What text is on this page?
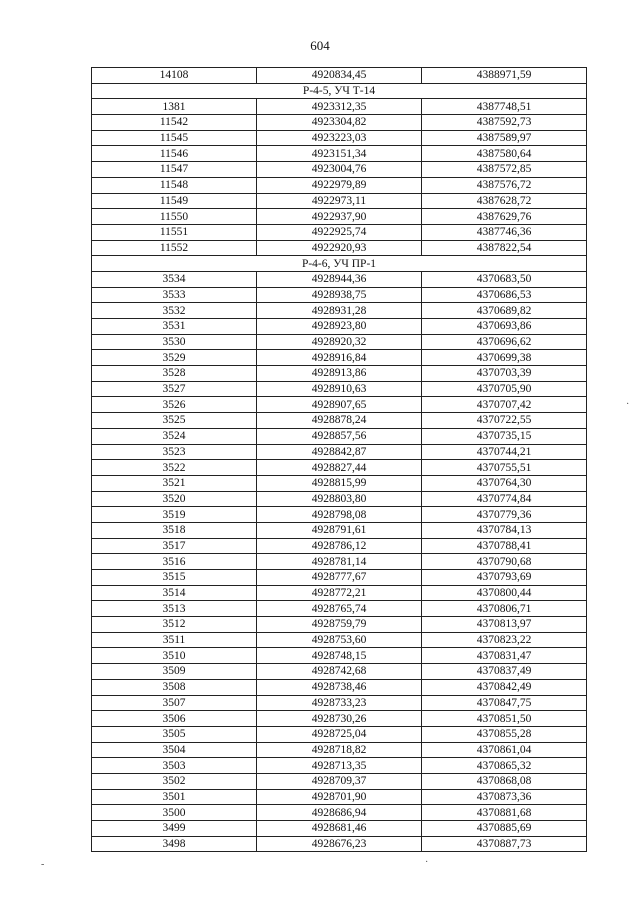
604
14108	4920834,45	4388971,59
Р-4-5, УЧ Т-14		
1381	4923312,35	4387748,51
11542	4923304,82	4387592,73
11545	4923223,03	4387589,97
11546	4923151,34	4387580,64
11547	4923004,76	4387572,85
11548	4922979,89	4387576,72
11549	4922973,11	4387628,72
11550	4922937,90	4387629,76
11551	4922925,74	4387746,36
11552	4922920,93	4387822,54
Р-4-6, УЧ ПР-1		
3534	4928944,36	4370683,50
3533	4928938,75	4370686,53
3532	4928931,28	4370689,82
3531	4928923,80	4370693,86
3530	4928920,32	4370696,62
3529	4928916,84	4370699,38
3528	4928913,86	4370703,39
3527	4928910,63	4370705,90
3526	4928907,65	4370707,42
3525	4928878,24	4370722,55
3524	4928857,56	4370735,15
3523	4928842,87	4370744,21
3522	4928827,44	4370755,51
3521	4928815,99	4370764,30
3520	4928803,80	4370774,84
3519	4928798,08	4370779,36
3518	4928791,61	4370784,13
3517	4928786,12	4370788,41
3516	4928781,14	4370790,68
3515	4928777,67	4370793,69
3514	4928772,21	4370800,44
3513	4928765,74	4370806,71
3512	4928759,79	4370813,97
3511	4928753,60	4370823,22
3510	4928748,15	4370831,47
3509	4928742,68	4370837,49
3508	4928738,46	4370842,49
3507	4928733,23	4370847,75
3506	4928730,26	4370851,50
3505	4928725,04	4370855,28
3504	4928718,82	4370861,04
3503	4928713,35	4370865,32
3502	4928709,37	4370868,08
3501	4928701,90	4370873,36
3500	4928686,94	4370881,68
3499	4928681,46	4370885,69
3498	4928676,23	4370887,73
-	·
·
